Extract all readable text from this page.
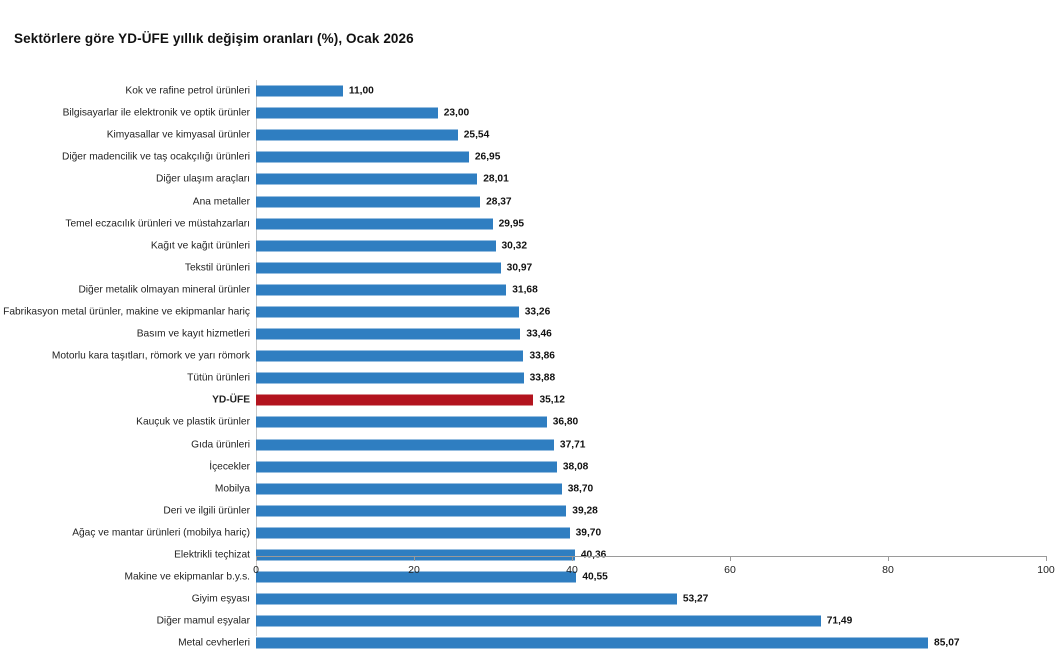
Sektörlere göre YD-ÜFE yıllık değişim oranları (%), Ocak 2026
Kok ve rafine petrol ürünleri
Bilgisayarlar ile elektronik ve optik ürünler
Kimyasallar ve kimyasal ürünler
Diğer madencilik ve taş ocakçılığı ürünleri
Diğer ulaşım araçları
Ana metaller
Temel eczacılık ürünleri ve müstahzarları
Kağıt ve kağıt ürünleri
Tekstil ürünleri
Diğer metalik olmayan mineral ürünler
Fabrikasyon metal ürünler, makine ve ekipmanlar hariç
Basım ve kayıt hizmetleri
Motorlu kara taşıtları, römork ve yarı römork
Tütün ürünleri
YD-ÜFE
Kauçuk ve plastik ürünler
Gıda ürünleri
İçecekler
Mobilya
Deri ve ilgili ürünler
Ağaç ve mantar ürünleri (mobilya hariç)
Elektrikli teçhizat
Makine ve ekipmanlar b.y.s.
Giyim eşyası
Diğer mamul eşyalar
Metal cevherleri
11,00
23,00
25,54
26,95
28,01
28,37
29,95
30,32
30,97
31,68
33,26
33,46
33,86
33,88
35,12
36,80
37,71
38,08
38,70
39,28
39,70
40,55
53,27
71,49
85,07
0	20	40	60	80	100
